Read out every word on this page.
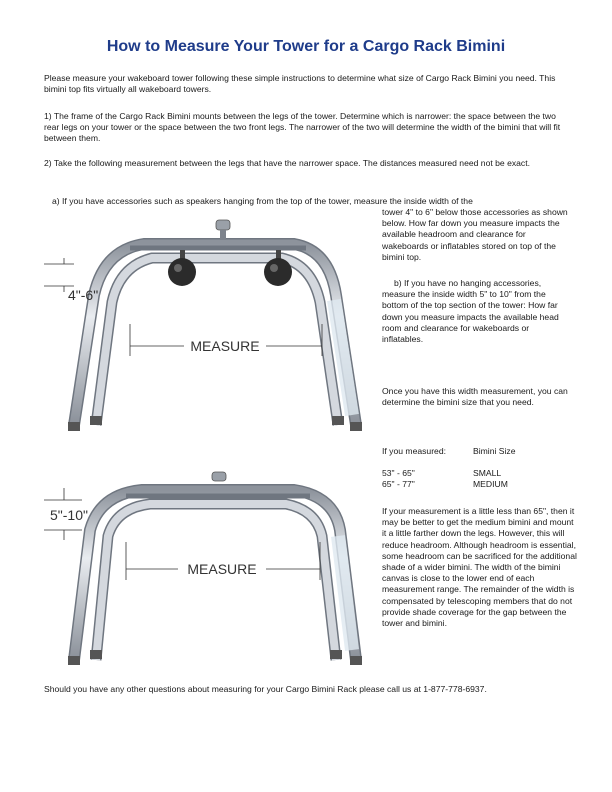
How to Measure Your Tower for a Cargo Rack Bimini
Please measure your wakeboard tower following these simple instructions to determine what size of Cargo Rack Bimini you need. This bimini top fits virtually all wakeboard towers.
1) The frame of the Cargo Rack Bimini mounts between the legs of the tower. Determine which is narrower: the space between the two rear legs on your tower or the space between the two front legs. The narrower of the two will determine the width of the bimini that will fit between them.
2) Take the following measurement between the legs that have the narrower space. The distances measured need not be exact.
a) If you have accessories such as speakers hanging from the top of the tower, measure the inside width of the
tower 4" to 6" below those accessories as shown below. How far down you measure impacts the available headroom and clearance for wakeboards or inflatables stored on top of the bimini top.
b) If you have no hanging accessories, measure the inside width 5" to 10" from the bottom of the top section of the tower: How far down you measure impacts the available head room and clearance for wakeboards or inflatables.
Once you have this width measurement, you can determine the bimini size that you need.
If you measured:	Bimini Size
53" - 65"	SMALL
65" - 77"	MEDIUM
If your measurement is a little less than 65", then it may be better to get the medium bimini and mount it a little farther down the legs. However, this will reduce headroom. Although headroom is essential, some headroom can be sacrificed for the additional shade of a wider bimini. The width of the bimini canvas is close to the lower end of each measurement range. The remainder of the width is compensated by telescoping members that do not provide shade coverage for the gap between the tower and bimini.
Should you have any other questions about measuring for your Cargo Bimini Rack please call us at 1-877-778-6937.
4"-6"
MEASURE
5"-10"
MEASURE
